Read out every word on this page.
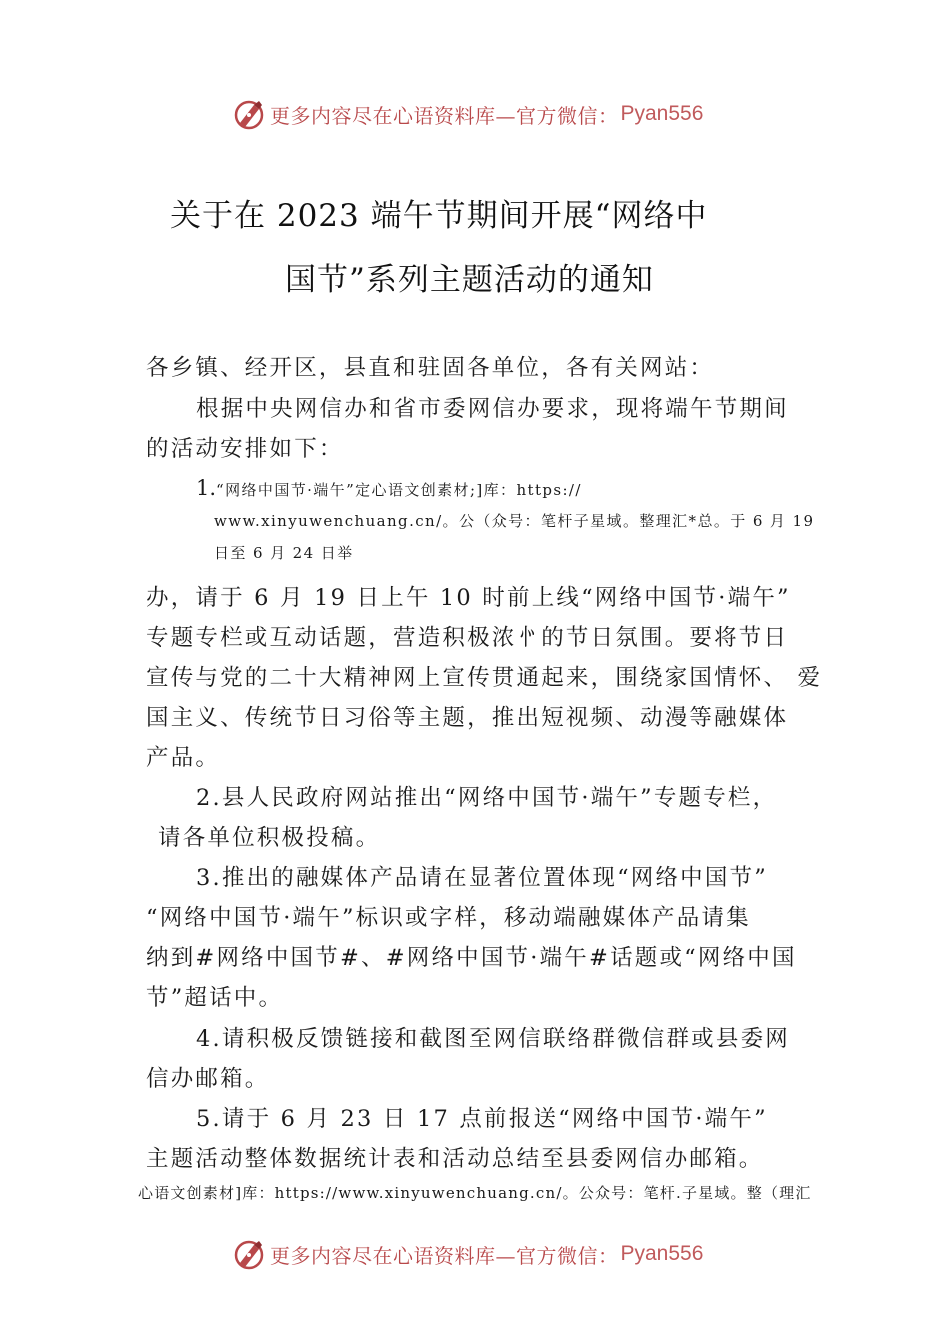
更多内容尽在心语资料库—官方微信： Pyan556
关于在 2023 端午节期间开展“网络中
国节”系列主题活动的通知
各乡镇、经开区，县直和驻固各单位，各有关网站：
根据中央网信办和省市委网信办要求，现将端午节期间
的活动安排如下：
1.“网络中国节·端午”定心语文创素材;]库：https://
www.xinyuwenchuang.cn/。公（众号：笔杆子星域。整理汇*总。于 6 月 19
日至 6 月 24 日举
办，请于 6 月 19 日上午 10 时前上线“网络中国节·端午”
专题专栏或互动话题，营造积极浓㣺的节日氛围。要将节日
宣传与党的二十大精神网上宣传贯通起来，围绕家国情怀、 爱
国主义、传统节日习俗等主题，推出短视频、动漫等融媒体
产品。
2.县人民政府网站推出“网络中国节·端午”专题专栏，
请各单位积极投稿。
3.推出的融媒体产品请在显著位置体现“网络中国节”
“网络中国节·端午”标识或字样，移动端融媒体产品请集
纳到#网络中国节#、#网络中国节·端午#话题或“网络中国
节”超话中。
4.请积极反馈链接和截图至网信联络群微信群或县委网
信办邮箱。
5.请于 6 月 23 日 17 点前报送“网络中国节·端午”
主题活动整体数据统计表和活动总结至县委网信办邮箱。
心语文创素材]库：https://www.xinyuwenchuang.cn/。公众号：笔杆.子星域。整（理汇
更多内容尽在心语资料库—官方微信： Pyan556
